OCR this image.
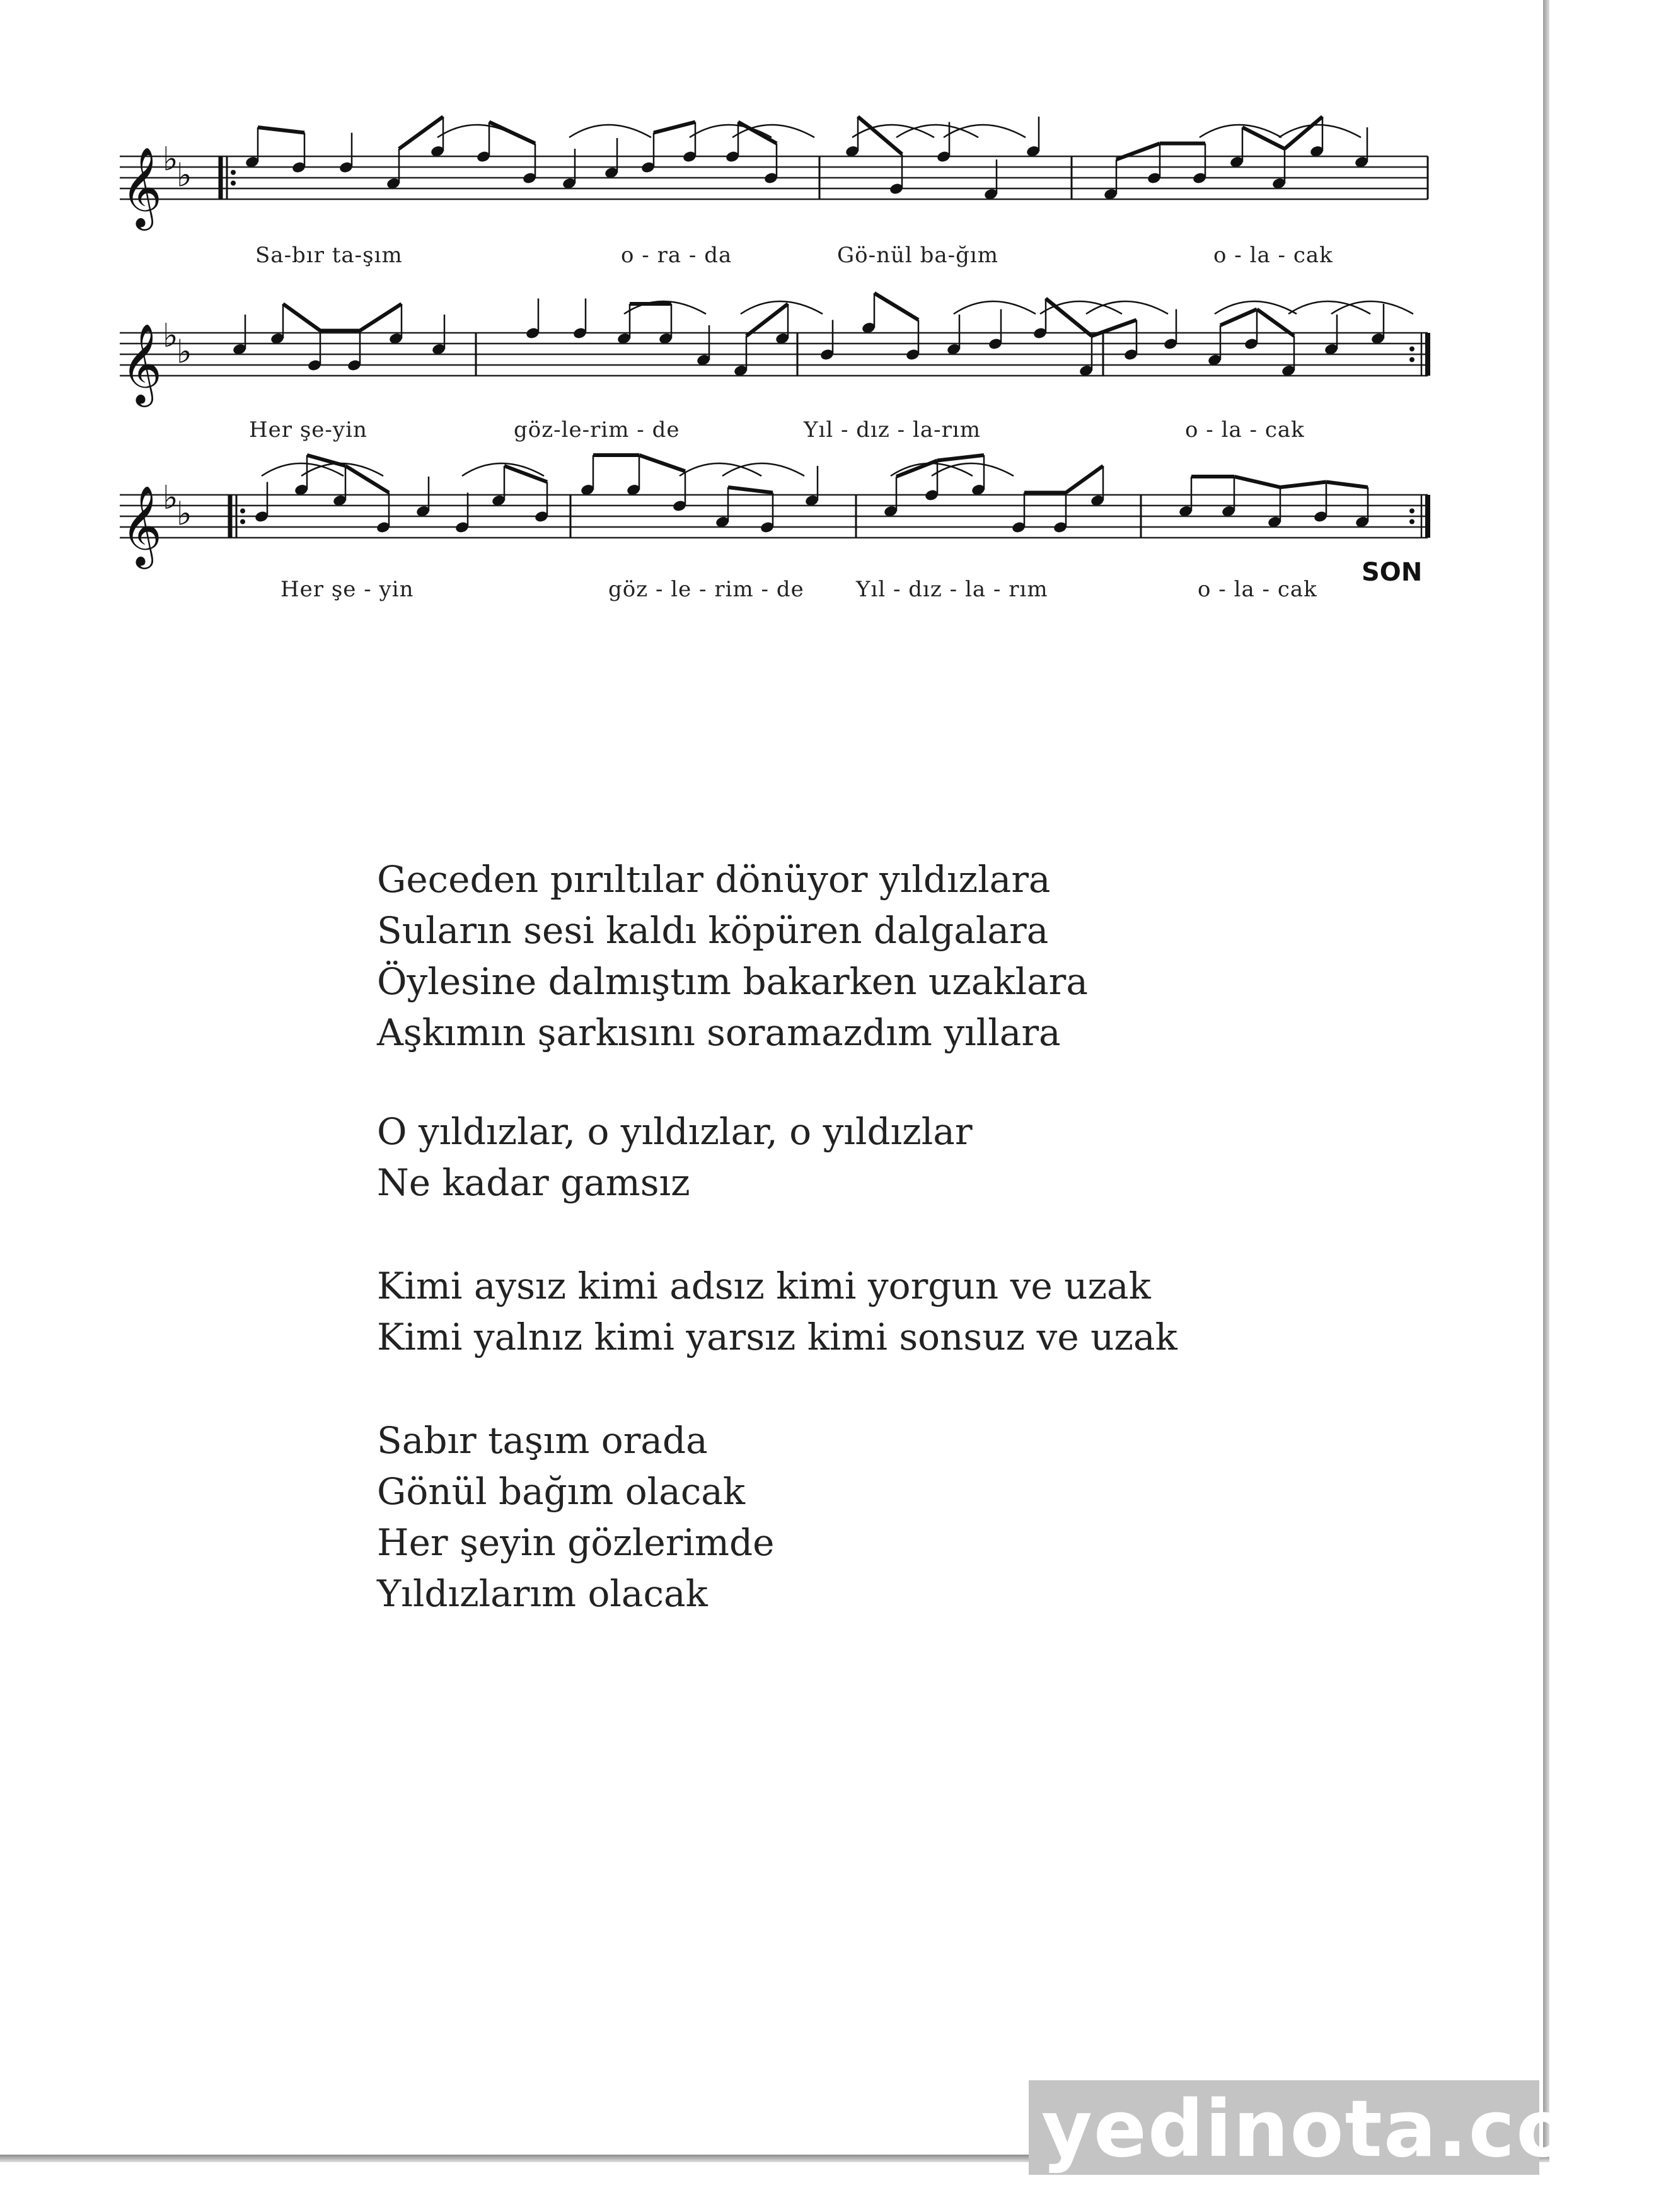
𝄞 ♭
♭
Sa-bır ta-şım	o - ra - da	Gö-nül ba-ğım	o - la - cak
𝄞 ♭
♭
Her şe-yin	göz-le-rim - de	Yıl - dız - la-rım	o - la - cak
𝄞 ♭
♭
Her şe - yin	göz - le - rim - de Yıl - dız - la - rım	o - la - cak
SON
Geceden pırıltılar dönüyor yıldızlara
Suların sesi kaldı köpüren dalgalara
Öylesine dalmıştım bakarken uzaklara
Aşkımın şarkısını soramazdım yıllara
O yıldızlar, o yıldızlar, o yıldızlar
Ne kadar gamsız
Kimi aysız kimi adsız kimi yorgun ve uzak
Kimi yalnız kimi yarsız kimi sonsuz ve uzak
Sabır taşım orada
Gönül bağım olacak
Her şeyin gözlerimde
Yıldızlarım olacak
yedinota.com
